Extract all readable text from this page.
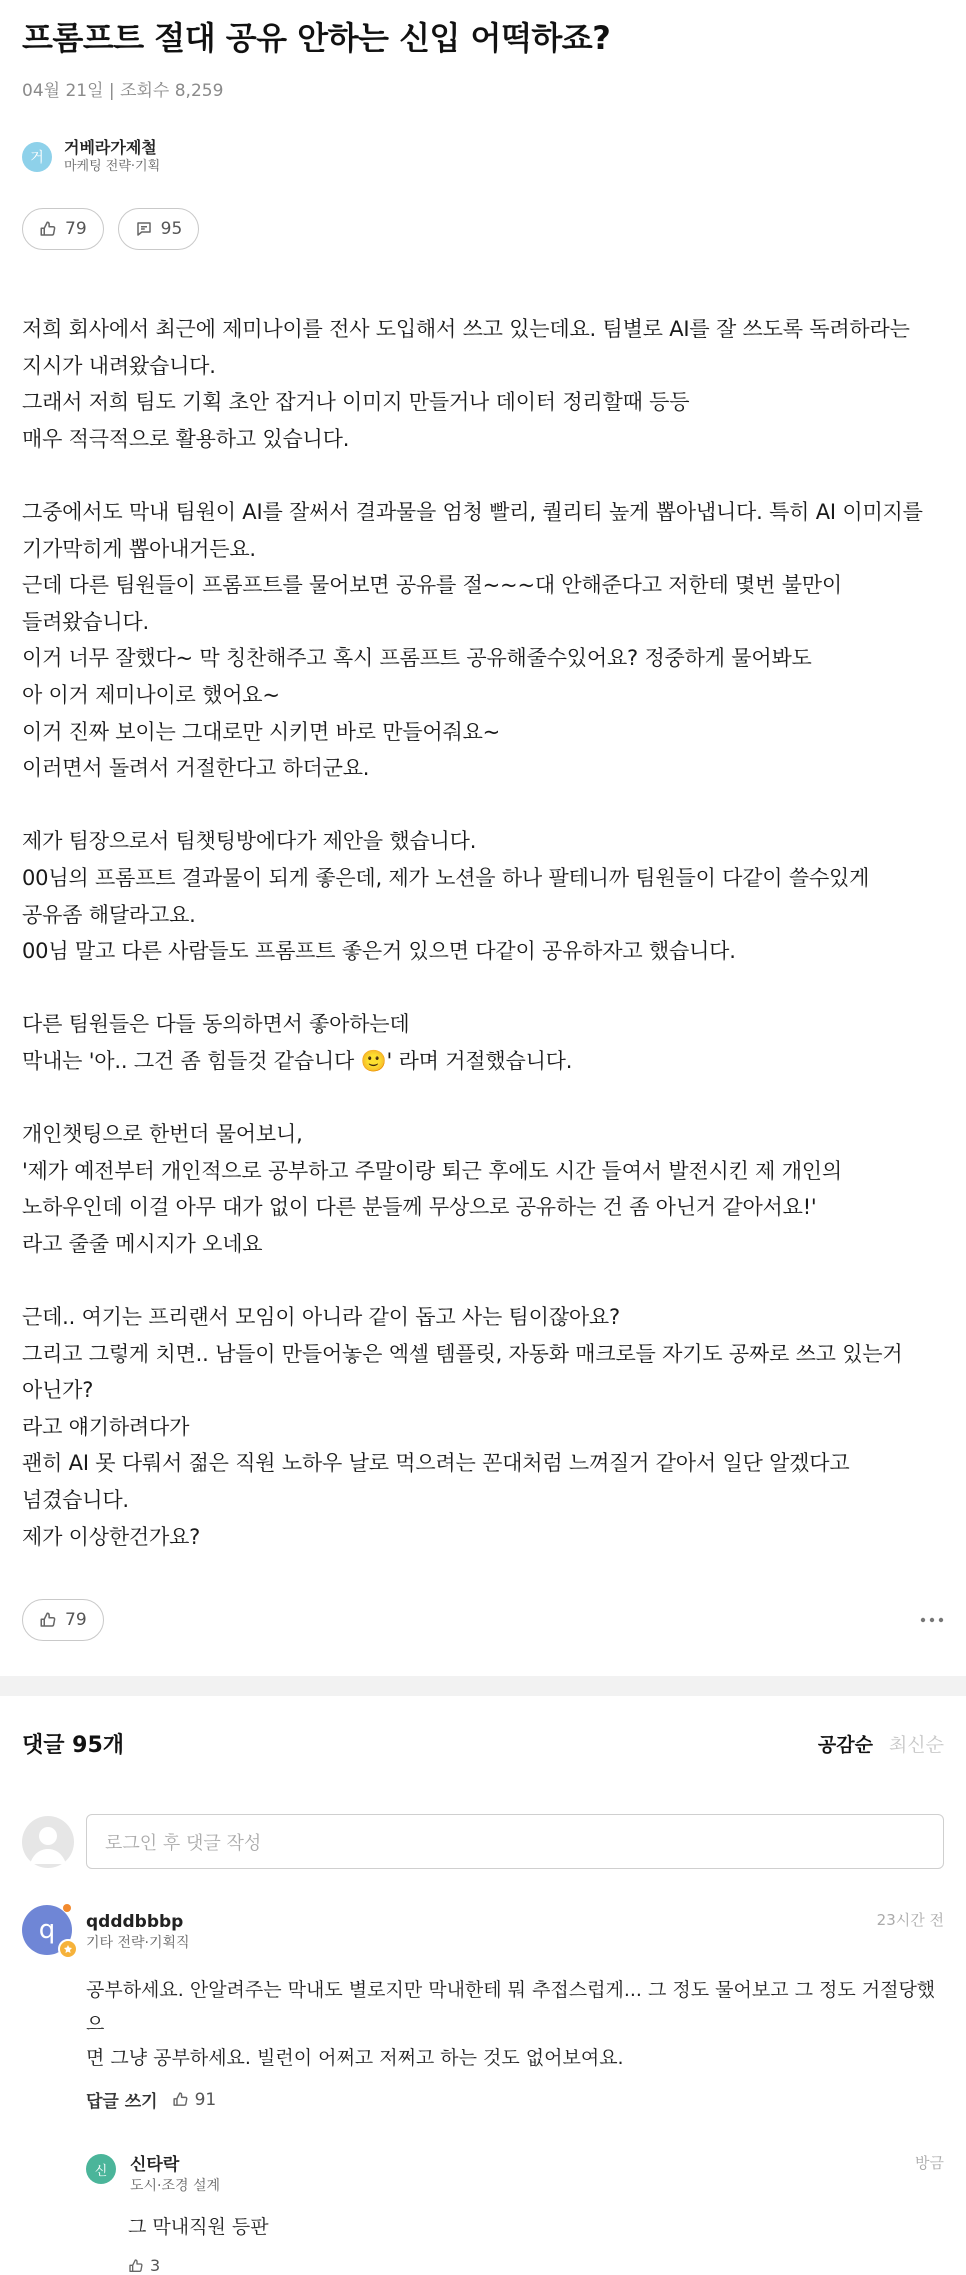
프롬프트 절대 공유 안하는 신입 어떡하죠?
04월 21일 | 조회수 8,259
거
거베라가제철
마케팅 전략·기획
79	95
저희 회사에서 최근에 제미나이를 전사 도입해서 쓰고 있는데요. 팀별로 AI를 잘 쓰도록 독려하라는
지시가 내려왔습니다.
그래서 저희 팀도 기획 초안 잡거나 이미지 만들거나 데이터 정리할때 등등
매우 적극적으로 활용하고 있습니다.

그중에서도 막내 팀원이 AI를 잘써서 결과물을 엄청 빨리, 퀄리티 높게 뽑아냅니다. 특히 AI 이미지를
기가막히게 뽑아내거든요.
근데 다른 팀원들이 프롬프트를 물어보면 공유를 절~~~대 안해준다고 저한테 몇번 불만이
들려왔습니다.
이거 너무 잘했다~ 막 칭찬해주고 혹시 프롬프트 공유해줄수있어요? 정중하게 물어봐도
아 이거 제미나이로 했어요~
이거 진짜 보이는 그대로만 시키면 바로 만들어줘요~
이러면서 돌려서 거절한다고 하더군요.

제가 팀장으로서 팀챗팅방에다가 제안을 했습니다.
00님의 프롬프트 결과물이 되게 좋은데, 제가 노션을 하나 팔테니까 팀원들이 다같이 쓸수있게
공유좀 해달라고요.
00님 말고 다른 사람들도 프롬프트 좋은거 있으면 다같이 공유하자고 했습니다.

다른 팀원들은 다들 동의하면서 좋아하는데
막내는 '아.. 그건 좀 힘들것 같습니다 🙂' 라며 거절했습니다.

개인챗팅으로 한번더 물어보니,
'제가 예전부터 개인적으로 공부하고 주말이랑 퇴근 후에도 시간 들여서 발전시킨 제 개인의
노하우인데 이걸 아무 대가 없이 다른 분들께 무상으로 공유하는 건 좀 아닌거 같아서요!'
라고 줄줄 메시지가 오네요

근데.. 여기는 프리랜서 모임이 아니라 같이 돕고 사는 팀이잖아요?
그리고 그렇게 치면.. 남들이 만들어놓은 엑셀 템플릿, 자동화 매크로들 자기도 공짜로 쓰고 있는거
아닌가?
라고 얘기하려다가
괜히 AI 못 다뤄서 젊은 직원 노하우 날로 먹으려는 꼰대처럼 느껴질거 같아서 일단 알겠다고
넘겼습니다.
제가 이상한건가요?
79
댓글 95개	공감순 최신순
로그인 후 댓글 작성
q qdddbbbp
기타 전략·기획직
23시간 전
공부하세요. 안알려주는 막내도 별로지만 막내한테 뭐 추접스럽게... 그 정도 물어보고 그 정도 거절당했으
면 그냥 공부하세요. 빌런이 어쩌고 저쩌고 하는 것도 없어보여요.
답글 쓰기 91
신	신타락
도시·조경 설계
방금
그 막내직원 등판
3
